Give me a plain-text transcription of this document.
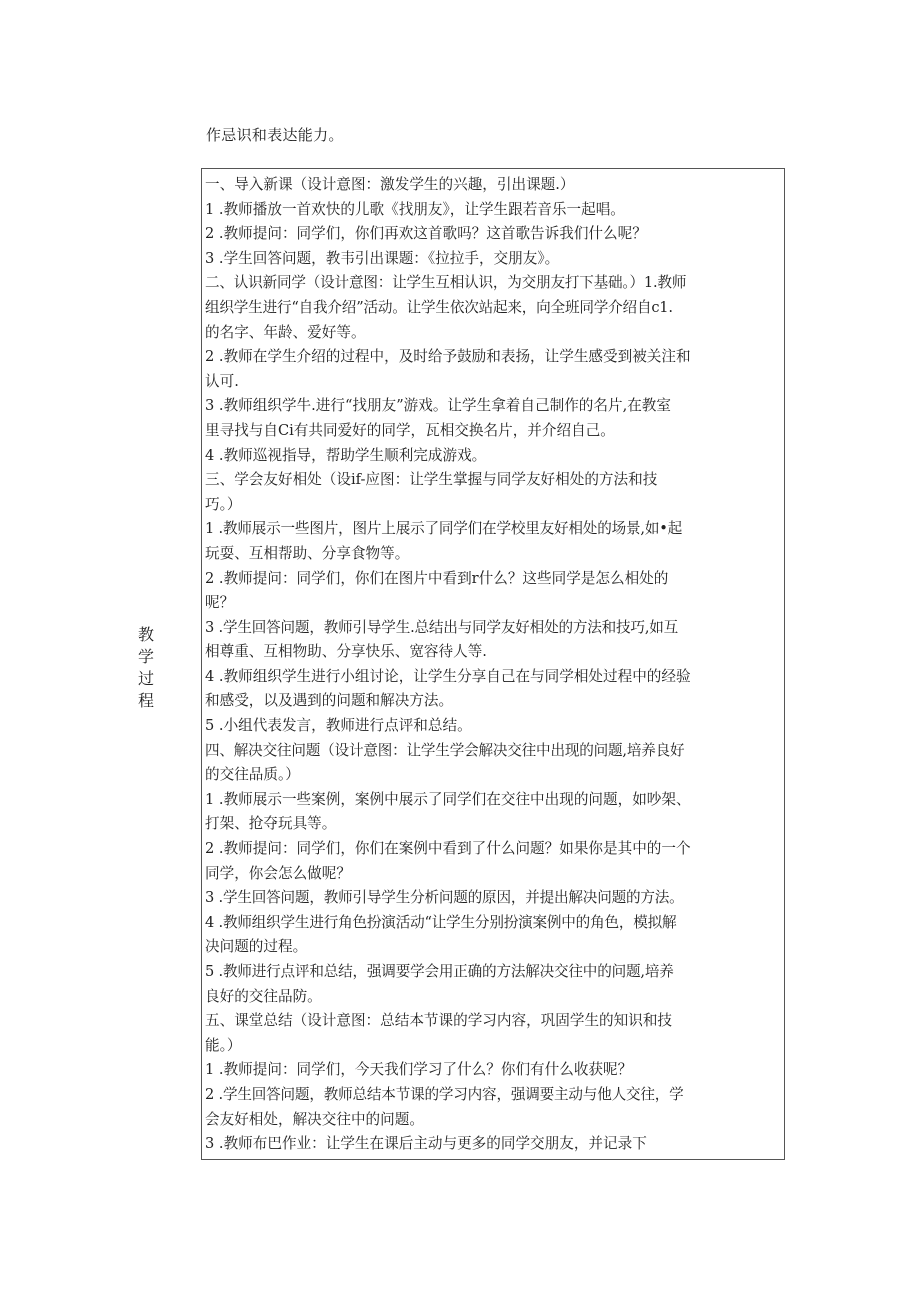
作忌识和表达能力。
教学过程
一、导入新课（设计意图：激发学生的兴趣，引出课题.）
1 .教师播放一首欢快的儿歌《找朋友》，让学生跟若音乐一起唱。
2 .教师提问：同学们，你们再欢这首歌吗？这首歌告诉我们什么呢？
3 .学生回答问题，教韦引出课题：《拉拉手，交朋友》。
二、认识新同学（设计意图：让学生互相认识，为交朋友打下基础。）1.教师
组织学生进行“自我介绍”活动。让学生依次站起来，向全班同学介绍自c1.
的名字、年龄、爱好等。
2 .教师在学生介绍的过程中，及时给予鼓励和表扬，让学生感受到被关注和
认可.
3 .教师组织学牛.进行“找朋友”游戏。让学生拿着自己制作的名片,在教室
里寻找与自Ci有共同爱好的同学，瓦相交换名片，并介绍自己。
4 .教师巡视指导，帮助学生顺利完成游戏。
三、学会友好相处（设if-应图：让学生掌握与同学友好相处的方法和技
巧。）
1 .教师展示一些图片，图片上展示了同学们在学校里友好相处的场景,如•起
玩耍、互相帮助、分享食物等。
2 .教师提问：同学们，你们在图片中看到r什么？这些同学是怎么相处的
呢？
3 .学生回答问题，教师引导学生.总结出与同学友好相处的方法和技巧,如互
相尊重、互相物助、分享快乐、宽容待人等.
4 .教师组织学生进行小组讨论，让学生分享自己在与同学相处过程中的经验
和感受，以及遇到的问题和解决方法。
5 .小组代表发言，教师进行点评和总结。
四、解决交往问题（设计意图：让学生学会解决交往中出现的问题,培养良好
的交往品质。）
1 .教师展示一些案例，案例中展示了同学们在交往中出现的问题，如吵架、
打架、抢夺玩具等。
2 .教师提问：同学们，你们在案例中看到了什么问题？如果你是其中的一个
同学，你会怎么做呢？
3 .学生回答问题，教师引导学生分析问题的原因，并提出解决问题的方法。
4 .教师组织学生进行角色扮演活动“让学生分别扮演案例中的角色，模拟解
决问题的过程。
5 .教师进行点评和总结，强调要学会用正确的方法解决交往中的问题,培养
良好的交往品防。
五、课堂总结（设计意图：总结本节课的学习内容，巩固学生的知识和技
能。）
1 .教师提问：同学们，今天我们学习了什么？你们有什么收获呢？
2 .学生回答问题，教师总结本节课的学习内容，强调要主动与他人交往，学
会友好相处，解决交往中的问题。
3 .教师布巴作业：让学生在课后主动与更多的同学交朋友，并记录下
